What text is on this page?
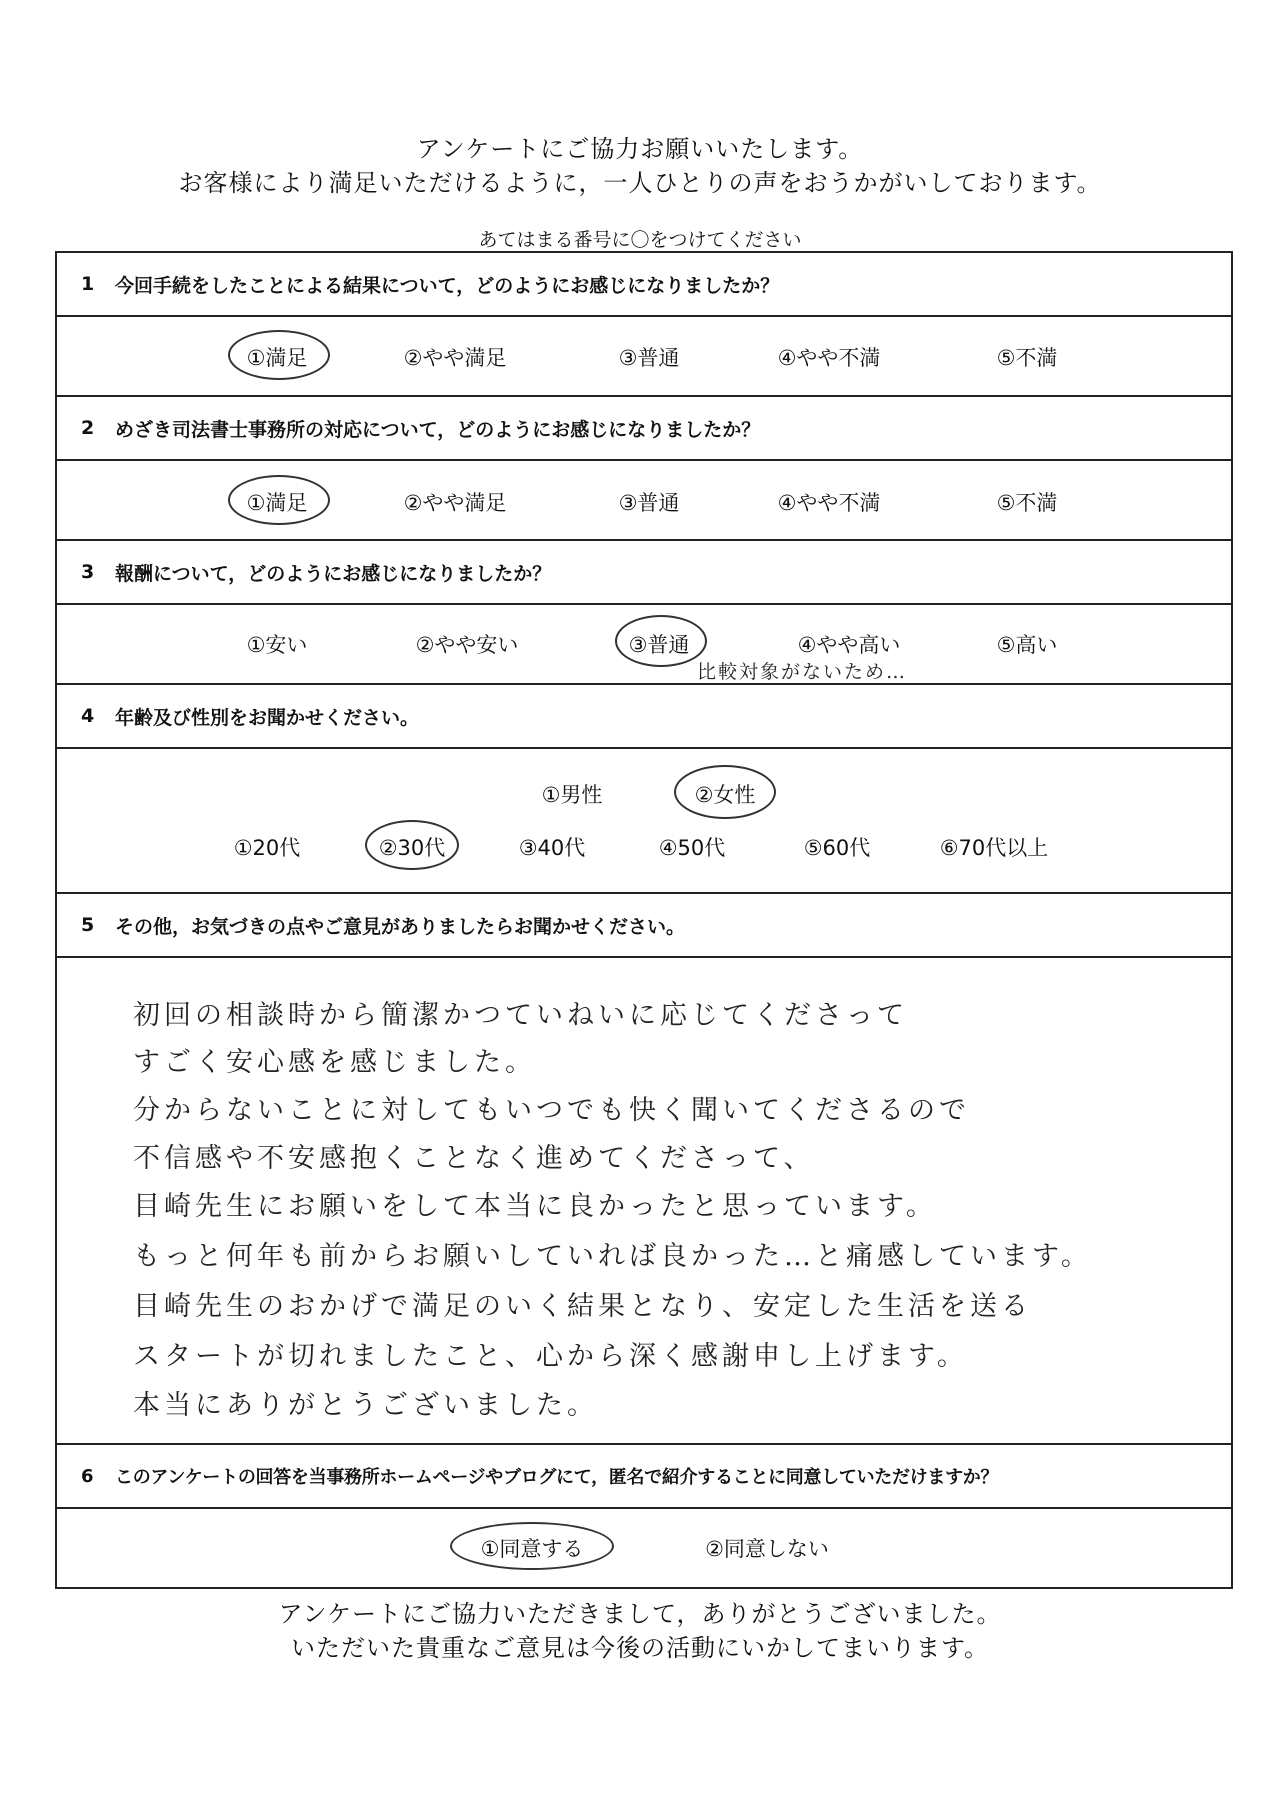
アンケートにご協力お願いいたします。
お客様により満足いただけるように，一人ひとりの声をおうかがいしております。
あてはまる番号に〇をつけてください
1	今回手続をしたことによる結果について，どのようにお感じになりましたか？
①満足	②やや満足	③普通	④やや不満	⑤不満
2	めざき司法書士事務所の対応について，どのようにお感じになりましたか？
①満足	②やや満足	③普通	④やや不満	⑤不満
3	報酬について，どのようにお感じになりましたか？
①安い	②やや安い	③普通	④やや高い	⑤高い
比較対象がないため…
4	年齢及び性別をお聞かせください。
①男性	②女性
①20代	②30代	③40代	④50代	⑤60代	⑥70代以上
5	その他，お気づきの点やご意見がありましたらお聞かせください。
初回の相談時から簡潔かつていねいに応じてくださって
すごく安心感を感じました。
分からないことに対してもいつでも快く聞いてくださるので
不信感や不安感抱くことなく進めてくださって、
目崎先生にお願いをして本当に良かったと思っています。
もっと何年も前からお願いしていれば良かった…と痛感しています。
目崎先生のおかげで満足のいく結果となり、安定した生活を送る
スタートが切れましたこと、心から深く感謝申し上げます。
本当にありがとうございました。
6	このアンケートの回答を当事務所ホームページやブログにて，匿名で紹介することに同意していただけますか？
①同意する	②同意しない
アンケートにご協力いただきまして，ありがとうございました。
いただいた貴重なご意見は今後の活動にいかしてまいります。
